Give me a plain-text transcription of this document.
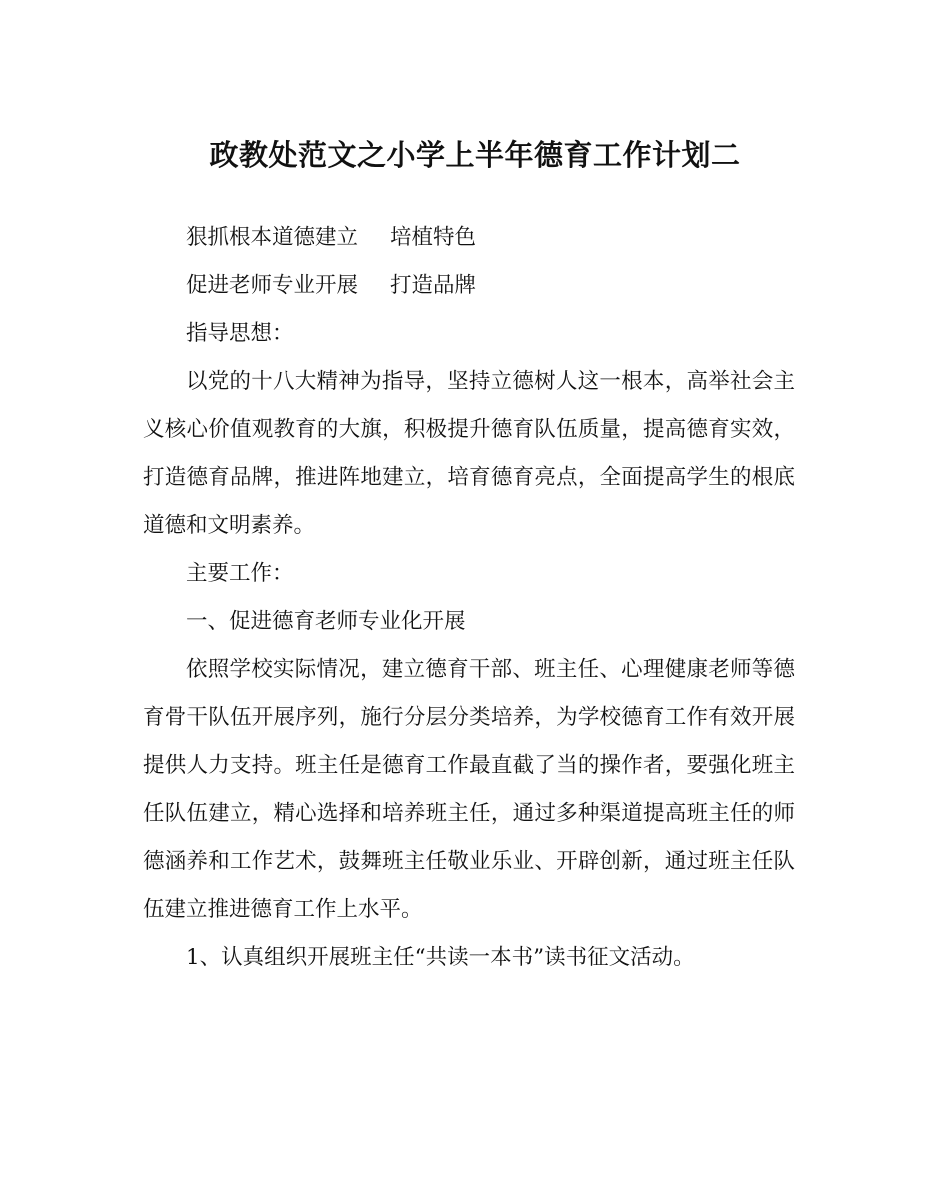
政教处范文之小学上半年德育工作计划二
狠抓根本道德建立 培植特色
促进老师专业开展 打造品牌
指导思想：
以党的十八大精神为指导，坚持立德树人这一根本，高举社会主
义核心价值观教育的大旗，积极提升德育队伍质量，提高德育实效，
打造德育品牌，推进阵地建立，培育德育亮点，全面提高学生的根底
道德和文明素养。
主要工作：
一、促进德育老师专业化开展
依照学校实际情况，建立德育干部、班主任、心理健康老师等德
育骨干队伍开展序列，施行分层分类培养，为学校德育工作有效开展
提供人力支持。班主任是德育工作最直截了当的操作者，要强化班主
任队伍建立，精心选择和培养班主任，通过多种渠道提高班主任的师
德涵养和工作艺术，鼓舞班主任敬业乐业、开辟创新，通过班主任队
伍建立推进德育工作上水平。
1、认真组织开展班主任“共读一本书”读书征文活动。
